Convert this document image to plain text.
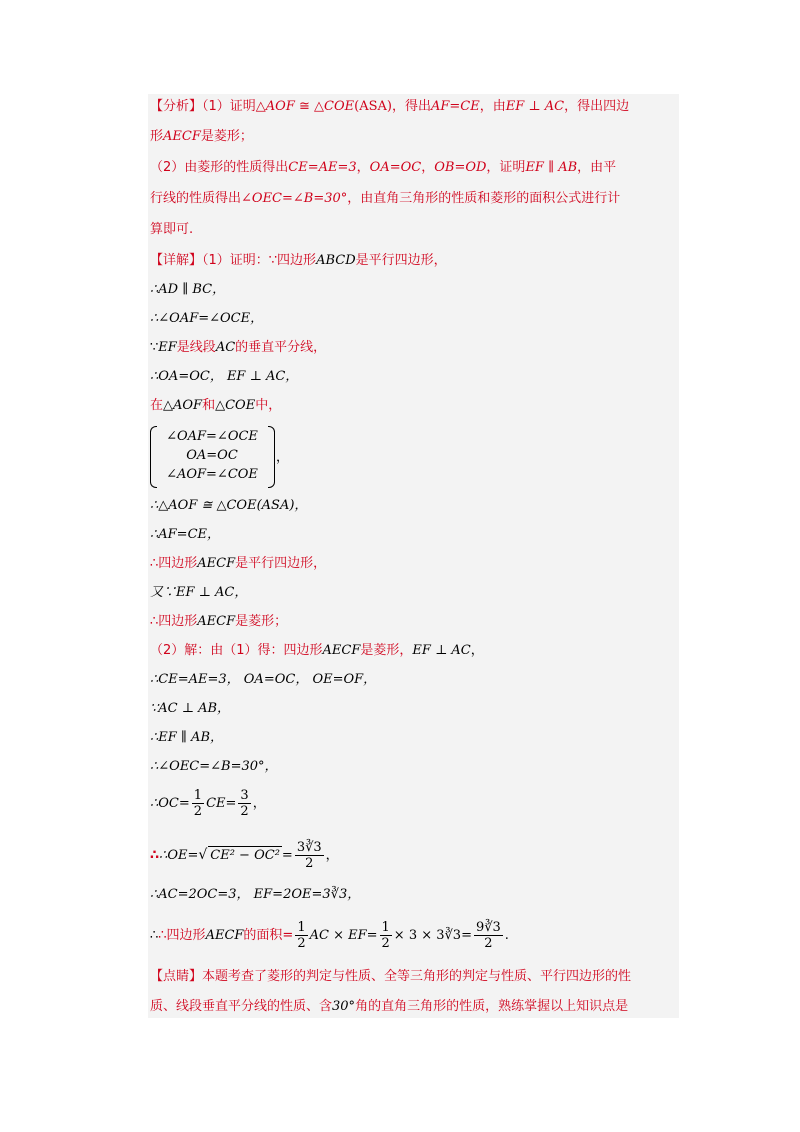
【分析】（1）证明△AOF ≅ △COE(ASA)，得出AF=CE，由EF ⊥ AC，得出四边
形AECF是菱形；
（2）由菱形的性质得出CE=AE=3，OA=OC，OB=OD，证明EF ∥ AB，由平
行线的性质得出∠OEC=∠B=30°，由直角三角形的性质和菱形的面积公式进行计
算即可.
【详解】（1）证明：∵四边形ABCD是平行四边形，
∴AD ∥ BC，
∴∠OAF=∠OCE，
∵EF是线段AC的垂直平分线，
∴OA=OC， EF ⊥ AC，
在△AOF和△COE中，
∠OAF=∠OCE
OA=OC
∠AOF=∠COE
，
∴△AOF ≅ △COE(ASA)，
∴AF=CE，
∴四边形AECF是平行四边形，
又∵EF ⊥ AC，
∴四边形AECF是菱形；
（2）解：由（1）得：四边形AECF是菱形，EF ⊥ AC，
∴CE=AE=3， OA=OC， OE=OF，
∵AC ⊥ AB，
∴EF ∥ AB，
∴∠OEC=∠B=30°，
∴OC= $\frac{1}{2} CE= \frac{3}{2}$ ，
∴∴OE=√ $CE^2 - OC^2 = \frac{3∛3}{2}$ ，
∴AC=2OC=3， EF=2OE=3∛3，
∴∴四边形AECF的面积= $\frac{1}{2}$ AC × $EF= \frac{1}{2} \times 3$ × 3∛3= $\frac{9∛3}{2}$ .
【点睛】本题考查了菱形的判定与性质、全等三角形的判定与性质、平行四边形的性
质、线段垂直平分线的性质、含30°角的直角三角形的性质，熟练掌握以上知识点是
